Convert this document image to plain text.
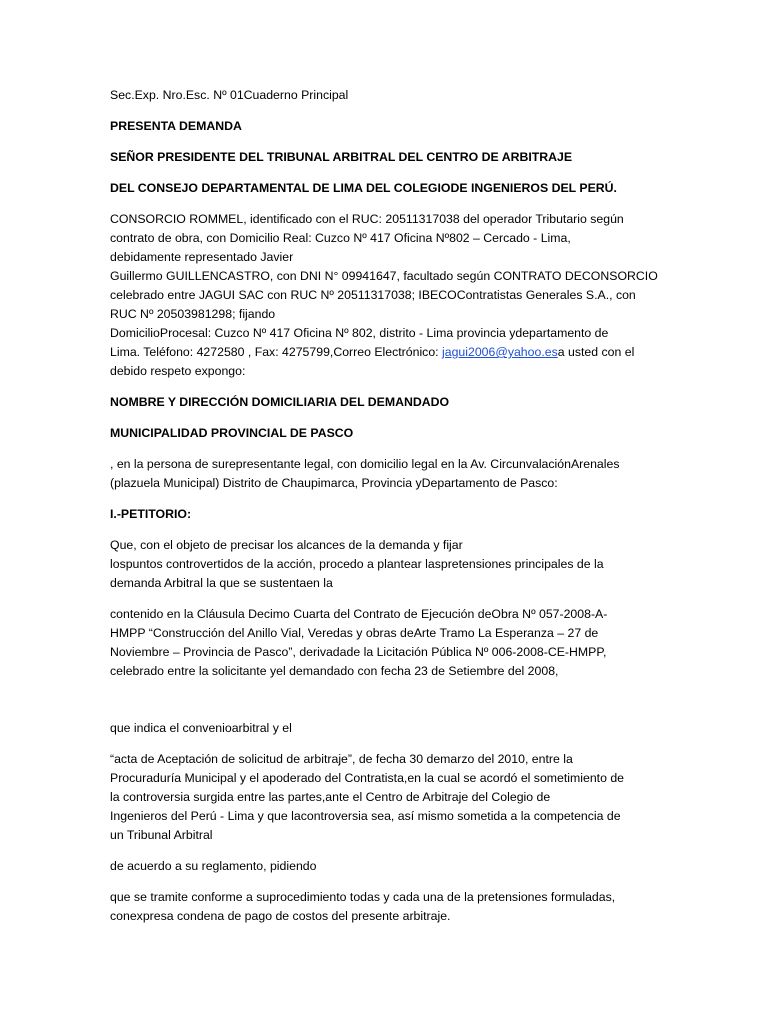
Sec.Exp. Nro.Esc. Nº 01Cuaderno Principal

PRESENTA DEMANDA

SEÑOR PRESIDENTE DEL TRIBUNAL ARBITRAL DEL CENTRO DE ARBITRAJE

DEL CONSEJO DEPARTAMENTAL DE LIMA DEL COLEGIODE INGENIEROS DEL PERÚ.

CONSORCIO ROMMEL, identificado con el RUC: 20511317038 del operador Tributario según
contrato de obra, con Domicilio Real: Cuzco Nº 417 Oficina Nº802 – Cercado - Lima,
debidamente representado Javier
Guillermo GUILLENCASTRO, con DNI N° 09941647, facultado según CONTRATO DECONSORCIO
celebrado entre JAGUI SAC con RUC Nº 20511317038; IBECOContratistas Generales S.A., con
RUC Nº 20503981298; fijando
DomicilioProcesal: Cuzco Nº 417 Oficina Nº 802, distrito - Lima provincia ydepartamento de
Lima. Teléfono: 4272580 , Fax: 4275799,Correo Electrónico: jagui2006@yahoo.esa usted con el
debido respeto expongo:

NOMBRE Y DIRECCIÓN DOMICILIARIA DEL DEMANDADO

MUNICIPALIDAD PROVINCIAL DE PASCO

, en la persona de surepresentante legal, con domicilio legal en la Av. CircunvalaciónArenales
(plazuela Municipal) Distrito de Chaupimarca, Provincia yDepartamento de Pasco:

I.-PETITORIO:

Que, con el objeto de precisar los alcances de la demanda y fijar
lospuntos controvertidos de la acción, procedo a plantear laspretensiones principales de la
demanda Arbitral la que se sustentaen la

contenido en la Cláusula Decimo Cuarta del Contrato de Ejecución deObra Nº 057-2008-A-
HMPP “Construcción del Anillo Vial, Veredas y obras deArte Tramo La Esperanza – 27 de
Noviembre – Provincia de Pasco”, derivadade la Licitación Pública Nº 006-2008-CE-HMPP,
celebrado entre la solicitante yel demandado con fecha 23 de Setiembre del 2008,

que indica el convenioarbitral y el

“acta de Aceptación de solicitud de arbitraje”, de fecha 30 demarzo del 2010, entre la
Procuraduría Municipal y el apoderado del Contratista,en la cual se acordó el sometimiento de
la controversia surgida entre las partes,ante el Centro de Arbitraje del Colegio de
Ingenieros del Perú - Lima y que lacontroversia sea, así mismo sometida a la competencia de
un Tribunal Arbitral

de acuerdo a su reglamento, pidiendo

que se tramite conforme a suprocedimiento todas y cada una de la pretensiones formuladas,
conexpresa condena de pago de costos del presente arbitraje.
